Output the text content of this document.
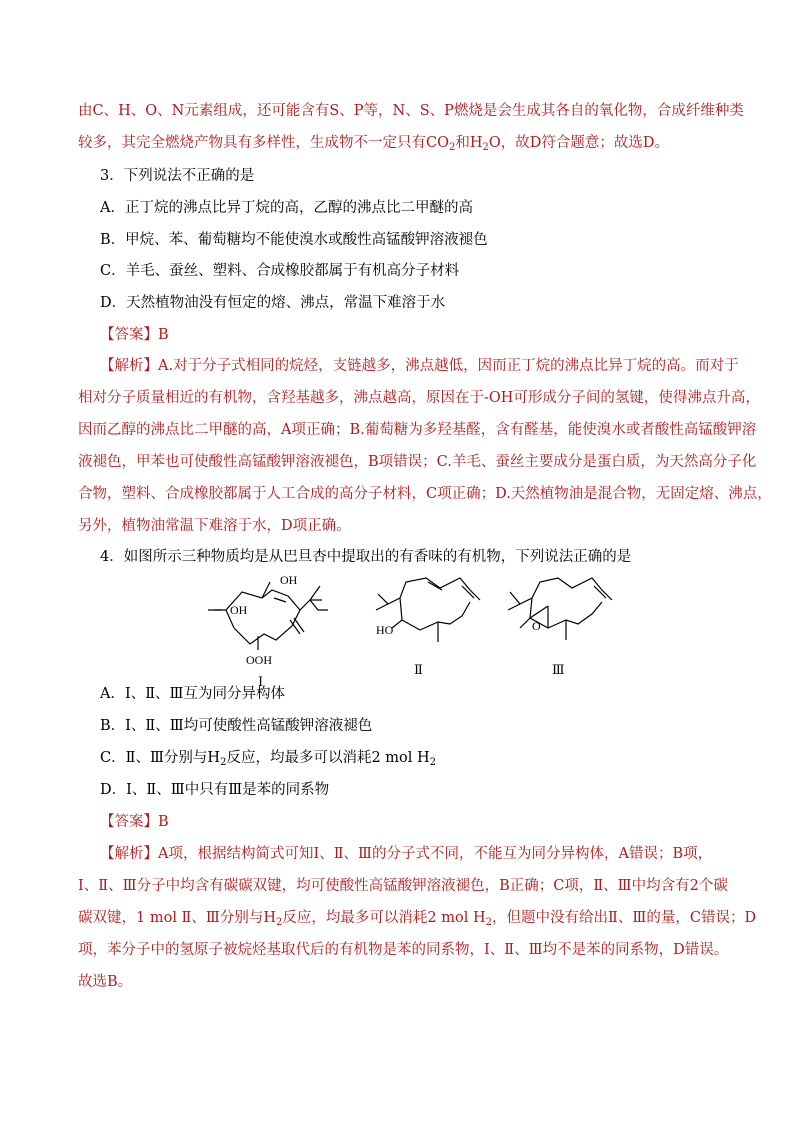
由C、H、O、N元素组成，还可能含有S、P等，N、S、P燃烧是会生成其各自的氧化物，合成纤维种类
较多，其完全燃烧产物具有多样性，生成物不一定只有$CO_2$和$H_2O$，故D符合题意；故选D。
3．下列说法不正确的是
A．正丁烷的沸点比异丁烷的高，乙醇的沸点比二甲醚的高
B．甲烷、苯、葡萄糖均不能使溴水或酸性高锰酸钾溶液褪色
C．羊毛、蚕丝、塑料、合成橡胶都属于有机高分子材料
D．天然植物油没有恒定的熔、沸点，常温下难溶于水
【答案】B
【解析】A.对于分子式相同的烷烃，支链越多，沸点越低，因而正丁烷的沸点比异丁烷的高。而对于
相对分子质量相近的有机物，含羟基越多，沸点越高，原因在于-OH可形成分子间的氢键，使得沸点升高，
因而乙醇的沸点比二甲醚的高，A项正确；B.葡萄糖为多羟基醛，含有醛基，能使溴水或者酸性高锰酸钾溶
液褪色，甲苯也可使酸性高锰酸钾溶液褪色，B项错误；C.羊毛、蚕丝主要成分是蛋白质，为天然高分子化
合物，塑料、合成橡胶都属于人工合成的高分子材料，C项正确；D.天然植物油是混合物，无固定熔、沸点，
另外，植物油常温下难溶于水，D项正确。
4．如图所示三种物质均是从巴旦杏中提取出的有香味的有机物，下列说法正确的是
OH
OH
OOH
Ⅰ
HO
Ⅱ
O
Ⅲ
A．Ⅰ、Ⅱ、Ⅲ互为同分异构体
B．Ⅰ、Ⅱ、Ⅲ均可使酸性高锰酸钾溶液褪色
C．Ⅱ、Ⅲ分别与$H_2$反应，均最多可以消耗2 mol $H_2$
D．Ⅰ、Ⅱ、Ⅲ中只有Ⅲ是苯的同系物
【答案】B
【解析】A项，根据结构简式可知Ⅰ、Ⅱ、Ⅲ的分子式不同，不能互为同分异构体，A错误；B项，
Ⅰ、Ⅱ、Ⅲ分子中均含有碳碳双键，均可使酸性高锰酸钾溶液褪色，B正确；C项，Ⅱ、Ⅲ中均含有2个碳
碳双键，1 mol Ⅱ、Ⅲ分别与$H_2$反应，均最多可以消耗2 mol $H_2$，但题中没有给出Ⅱ、Ⅲ的量，C错误；D
项，苯分子中的氢原子被烷烃基取代后的有机物是苯的同系物，Ⅰ、Ⅱ、Ⅲ均不是苯的同系物，D错误。
故选B。
